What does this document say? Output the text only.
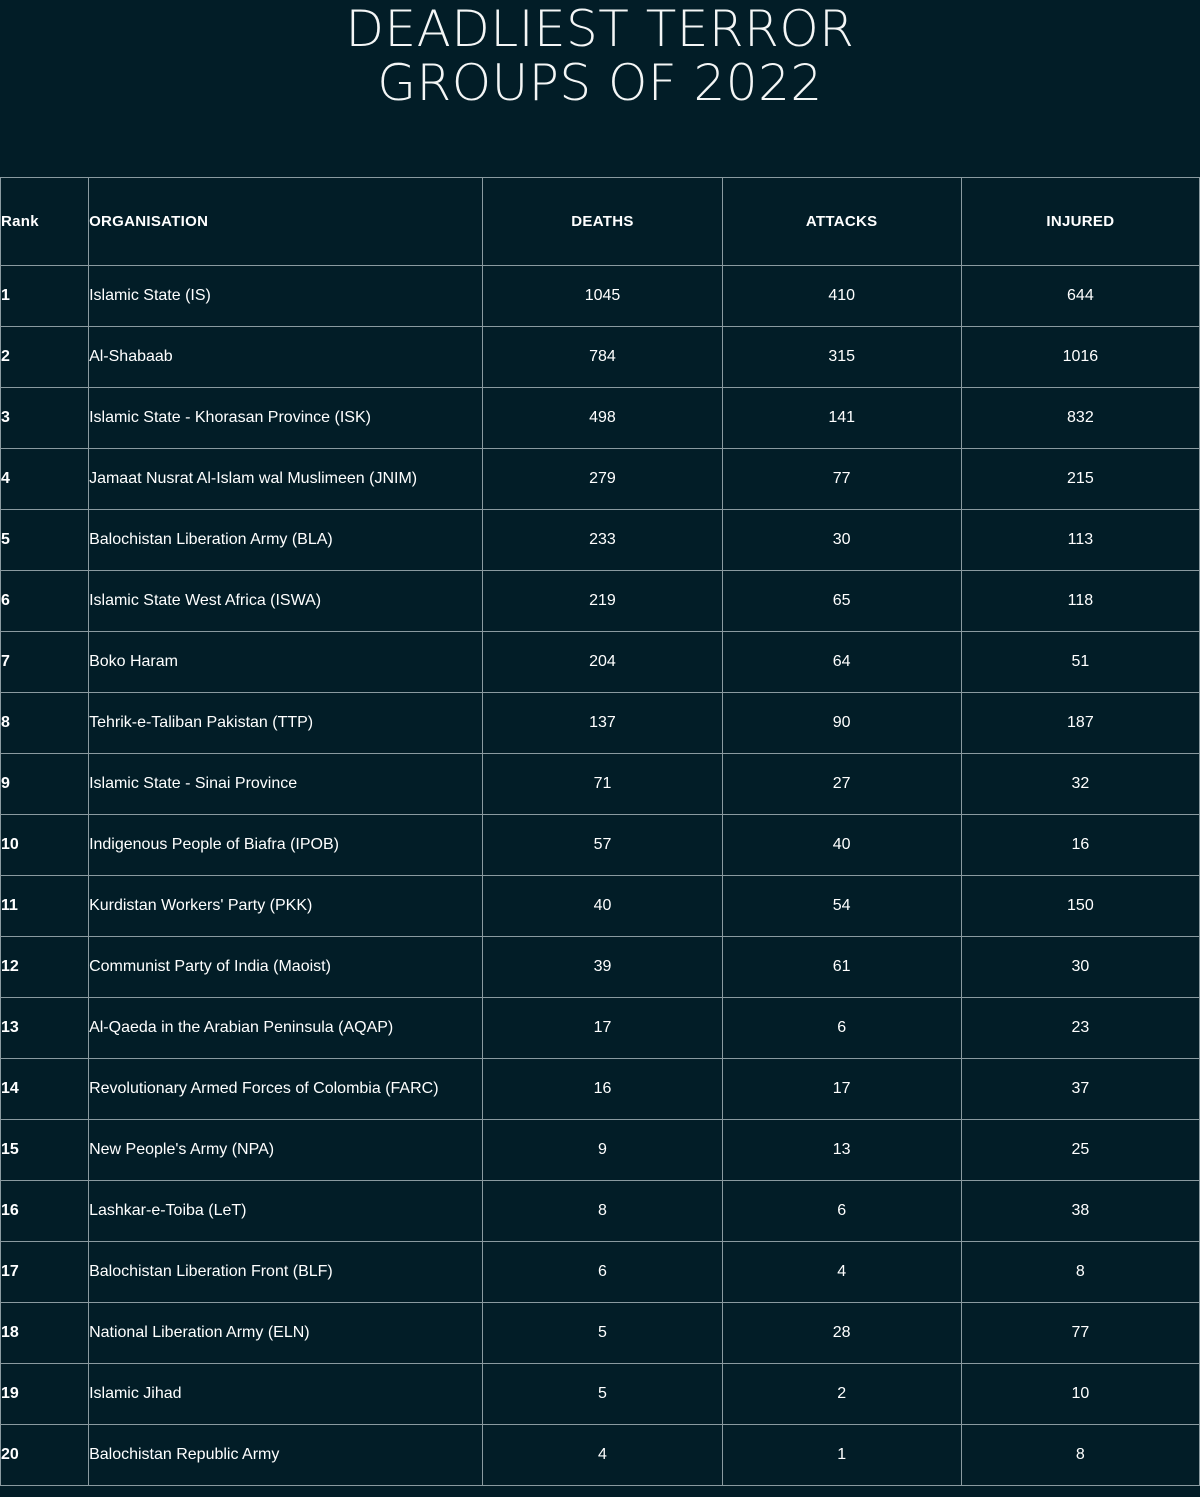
DEADLIEST TERROR
GROUPS OF 2022
Rank	ORGANISATION	DEATHS	ATTACKS	INJURED
1	Islamic State (IS)	1045	410	644
2	Al-Shabaab	784	315	1016
3	Islamic State - Khorasan Province (ISK)	498	141	832
4	Jamaat Nusrat Al-Islam wal Muslimeen (JNIM)	279	77	215
5	Balochistan Liberation Army (BLA)	233	30	113
6	Islamic State West Africa (ISWA)	219	65	118
7	Boko Haram	204	64	51
8	Tehrik-e-Taliban Pakistan (TTP)	137	90	187
9	Islamic State - Sinai Province	71	27	32
10	Indigenous People of Biafra (IPOB)	57	40	16
11	Kurdistan Workers' Party (PKK)	40	54	150
12	Communist Party of India (Maoist)	39	61	30
13	Al-Qaeda in the Arabian Peninsula (AQAP)	17	6	23
14	Revolutionary Armed Forces of Colombia (FARC)	16	17	37
15	New People's Army (NPA)	9	13	25
16	Lashkar-e-Toiba (LeT)	8	6	38
17	Balochistan Liberation Front (BLF)	6	4	8
18	National Liberation Army (ELN)	5	28	77
19	Islamic Jihad	5	2	10
20	Balochistan Republic Army	4	1	8
